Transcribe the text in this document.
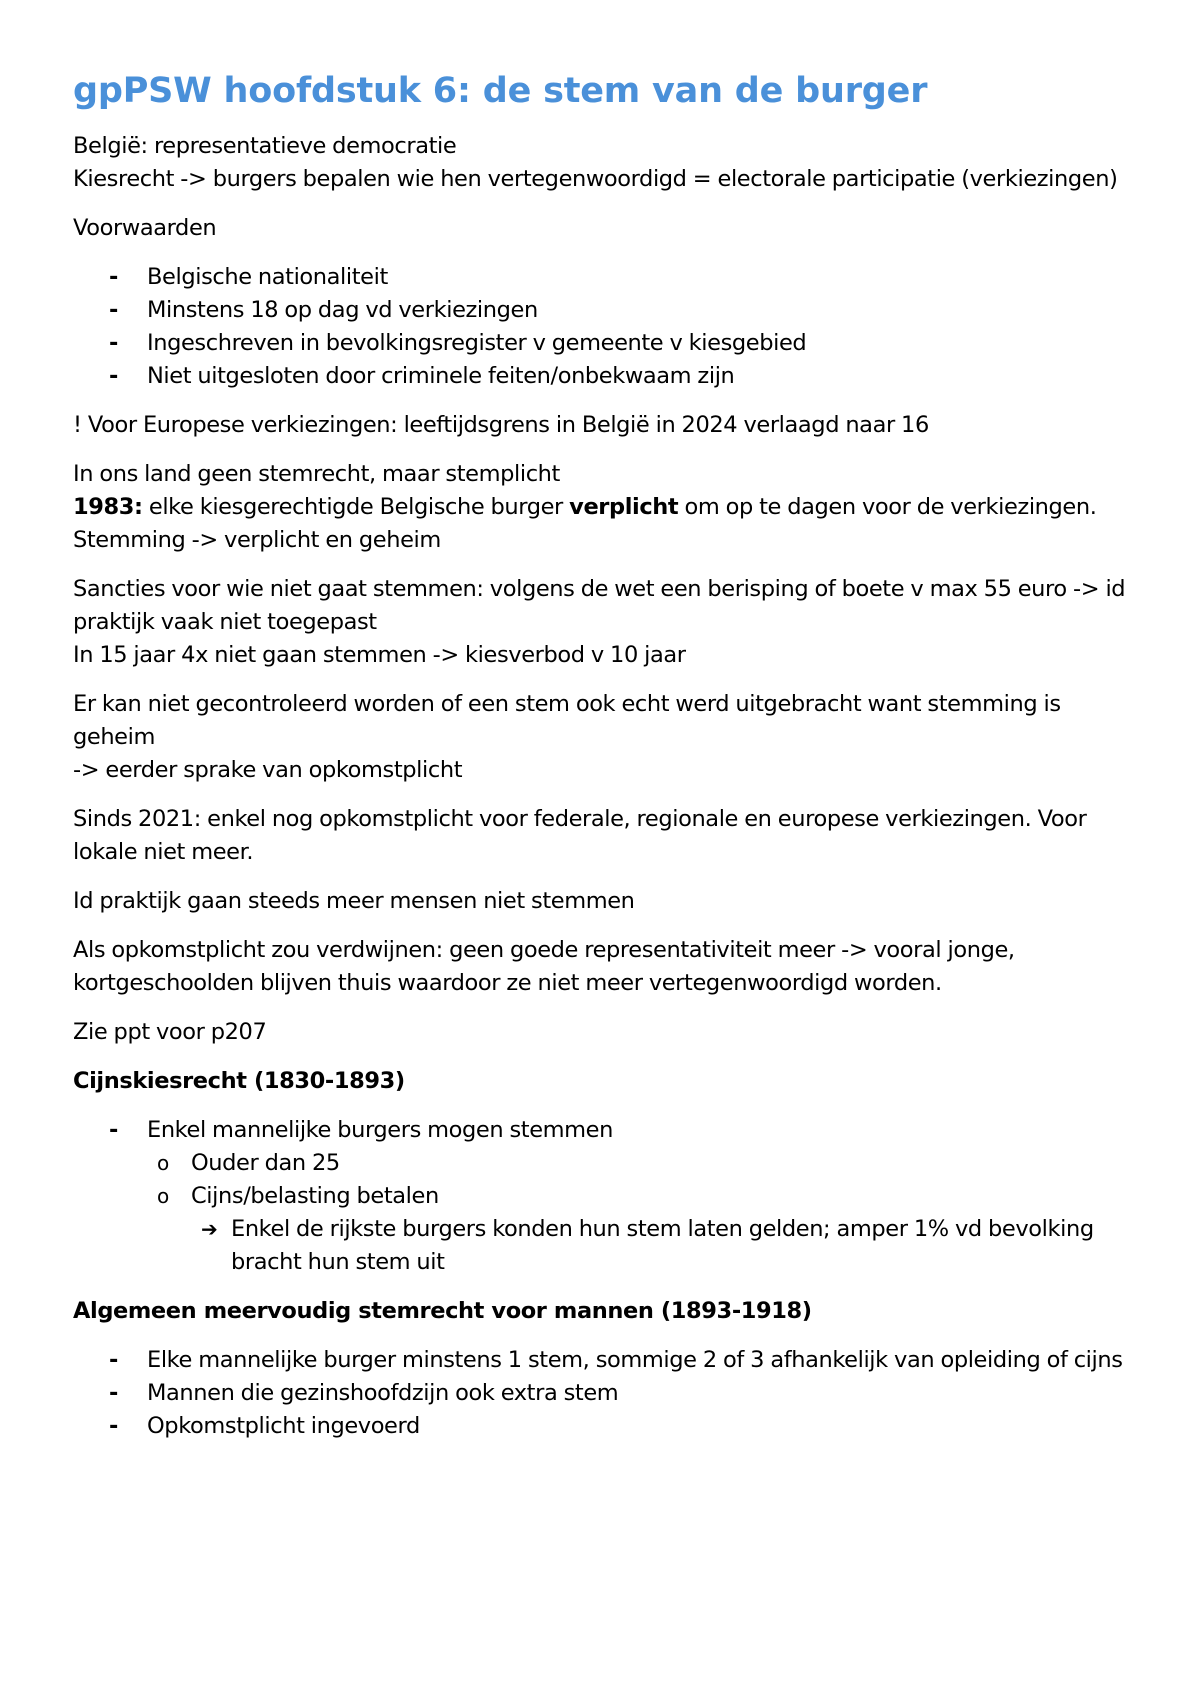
gpPSW hoofdstuk 6: de stem van de burger
België: representatieve democratie
Kiesrecht -> burgers bepalen wie hen vertegenwoordigd = electorale participatie (verkiezingen)
Voorwaarden
- Belgische nationaliteit
- Minstens 18 op dag vd verkiezingen
- Ingeschreven in bevolkingsregister v gemeente v kiesgebied
- Niet uitgesloten door criminele feiten/onbekwaam zijn
! Voor Europese verkiezingen: leeftijdsgrens in België in 2024 verlaagd naar 16
In ons land geen stemrecht, maar stemplicht
1983: elke kiesgerechtigde Belgische burger verplicht om op te dagen voor de verkiezingen.
Stemming -> verplicht en geheim
Sancties voor wie niet gaat stemmen: volgens de wet een berisping of boete v max 55 euro -> id praktijk vaak niet toegepast
In 15 jaar 4x niet gaan stemmen -> kiesverbod v 10 jaar
Er kan niet gecontroleerd worden of een stem ook echt werd uitgebracht want stemming is geheim
-> eerder sprake van opkomstplicht
Sinds 2021: enkel nog opkomstplicht voor federale, regionale en europese verkiezingen. Voor lokale niet meer.
Id praktijk gaan steeds meer mensen niet stemmen
Als opkomstplicht zou verdwijnen: geen goede representativiteit meer -> vooral jonge, kortgeschoolden blijven thuis waardoor ze niet meer vertegenwoordigd worden.
Zie ppt voor p207
Cijnskiesrecht (1830-1893)
- Enkel mannelijke burgers mogen stemmen
o Ouder dan 25
o Cijns/belasting betalen
➔ Enkel de rijkste burgers konden hun stem laten gelden; amper 1% vd bevolking bracht hun stem uit
Algemeen meervoudig stemrecht voor mannen (1893-1918)
- Elke mannelijke burger minstens 1 stem, sommige 2 of 3 afhankelijk van opleiding of cijns
- Mannen die gezinshoofdzijn ook extra stem
- Opkomstplicht ingevoerd
